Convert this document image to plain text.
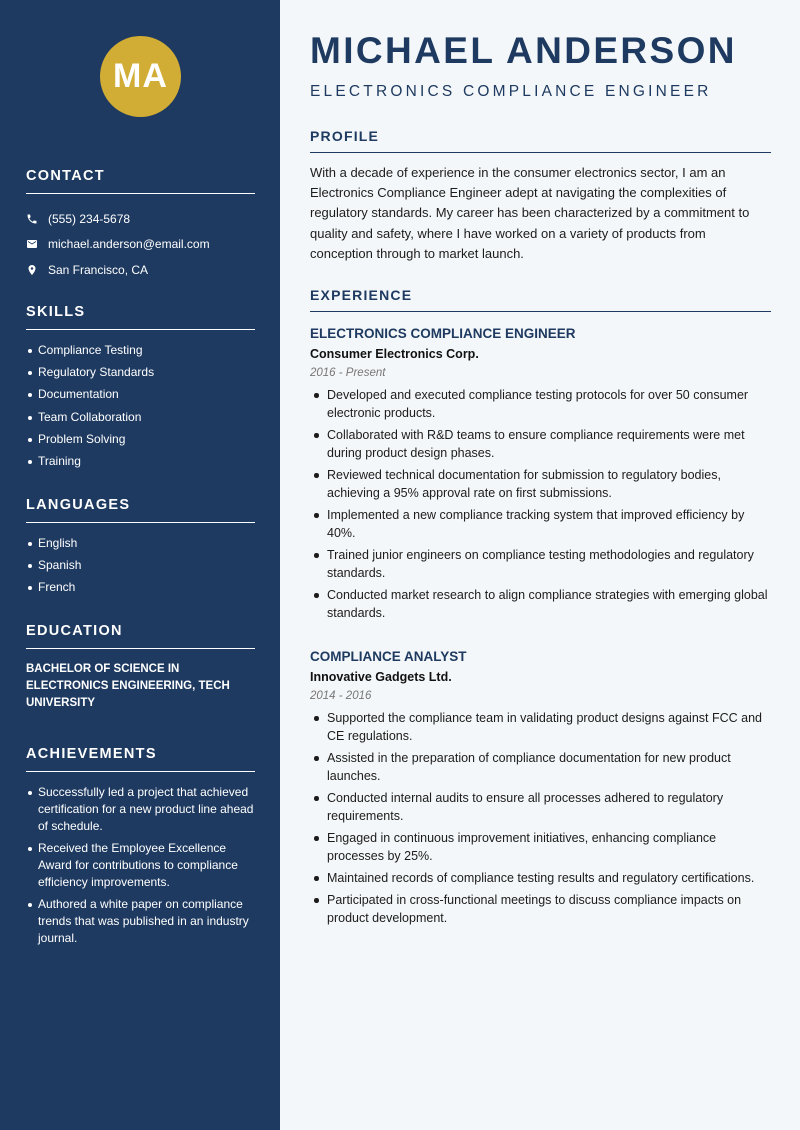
MA
CONTACT
(555) 234-5678
michael.anderson@email.com
San Francisco, CA
SKILLS
Compliance Testing
Regulatory Standards
Documentation
Team Collaboration
Problem Solving
Training
LANGUAGES
English
Spanish
French
EDUCATION
BACHELOR OF SCIENCE IN ELECTRONICS ENGINEERING, TECH UNIVERSITY
ACHIEVEMENTS
Successfully led a project that achieved certification for a new product line ahead of schedule.
Received the Employee Excellence Award for contributions to compliance efficiency improvements.
Authored a white paper on compliance trends that was published in an industry journal.
MICHAEL ANDERSON
ELECTRONICS COMPLIANCE ENGINEER
PROFILE

With a decade of experience in the consumer electronics sector, I am an Electronics Compliance Engineer adept at navigating the complexities of regulatory standards. My career has been characterized by a commitment to quality and safety, where I have worked on a variety of products from conception through to market launch.

EXPERIENCE
ELECTRONICS COMPLIANCE ENGINEER
Consumer Electronics Corp.
2016 - Present
Developed and executed compliance testing protocols for over 50 consumer electronic products.
Collaborated with R&D teams to ensure compliance requirements were met during product design phases.
Reviewed technical documentation for submission to regulatory bodies, achieving a 95% approval rate on first submissions.
Implemented a new compliance tracking system that improved efficiency by 40%.
Trained junior engineers on compliance testing methodologies and regulatory standards.
Conducted market research to align compliance strategies with emerging global standards.
COMPLIANCE ANALYST
Innovative Gadgets Ltd.
2014 - 2016
Supported the compliance team in validating product designs against FCC and CE regulations.
Assisted in the preparation of compliance documentation for new product launches.
Conducted internal audits to ensure all processes adhered to regulatory requirements.
Engaged in continuous improvement initiatives, enhancing compliance processes by 25%.
Maintained records of compliance testing results and regulatory certifications.
Participated in cross-functional meetings to discuss compliance impacts on product development.
